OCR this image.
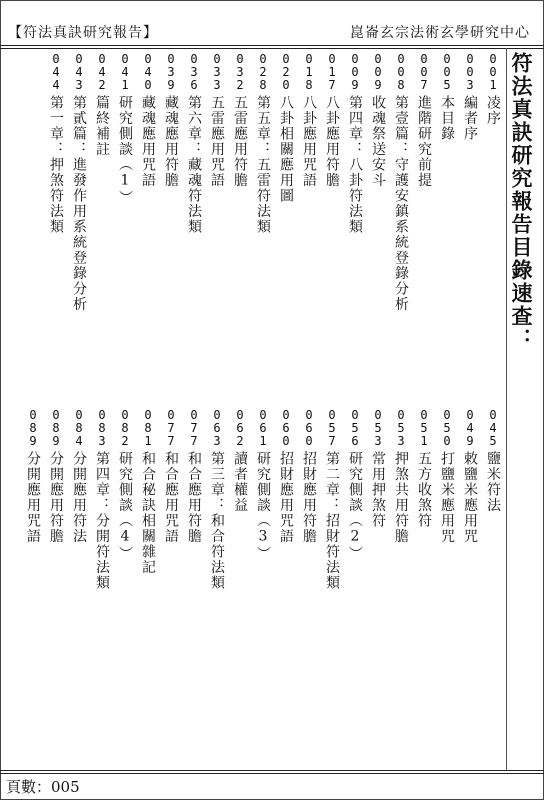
【符法真訣研究報告】	崑崙玄宗法術玄學研究中心
符法真訣研究報告目錄速查：
001凌序
003編者序
005本目錄
007進階研究前提
008第壹篇：守護安鎮系統登錄分析
009收魂祭送安斗
009第四章：八卦符法類
017八卦應用符膽
018八卦應用咒語
020八卦相關應用圖
028第五章：五雷符法類
032五雷應用符膽
033五雷應用咒語
036第六章：藏魂符法類
039藏魂應用符膽
040藏魂應用咒語
041研究側談（1）
042篇終補註
043第貳篇：進發作用系統登錄分析
044第一章：押煞符法類
045鹽米符法
049敕鹽米應用咒
050打鹽米應用咒
051五方收煞符
053押煞共用符膽
053常用押煞符
056研究側談（2）
057第二章：招財符法類
060招財應用符膽
060招財應用咒語
061研究側談（3）
062讀者權益
063第三章：和合符法類
077和合應用符膽
077和合應用咒語
081和合秘訣相關雜記
082研究側談（4）
083第四章：分開符法類
084分開應用符法
089分開應用符膽
089分開應用咒語
頁數：005
